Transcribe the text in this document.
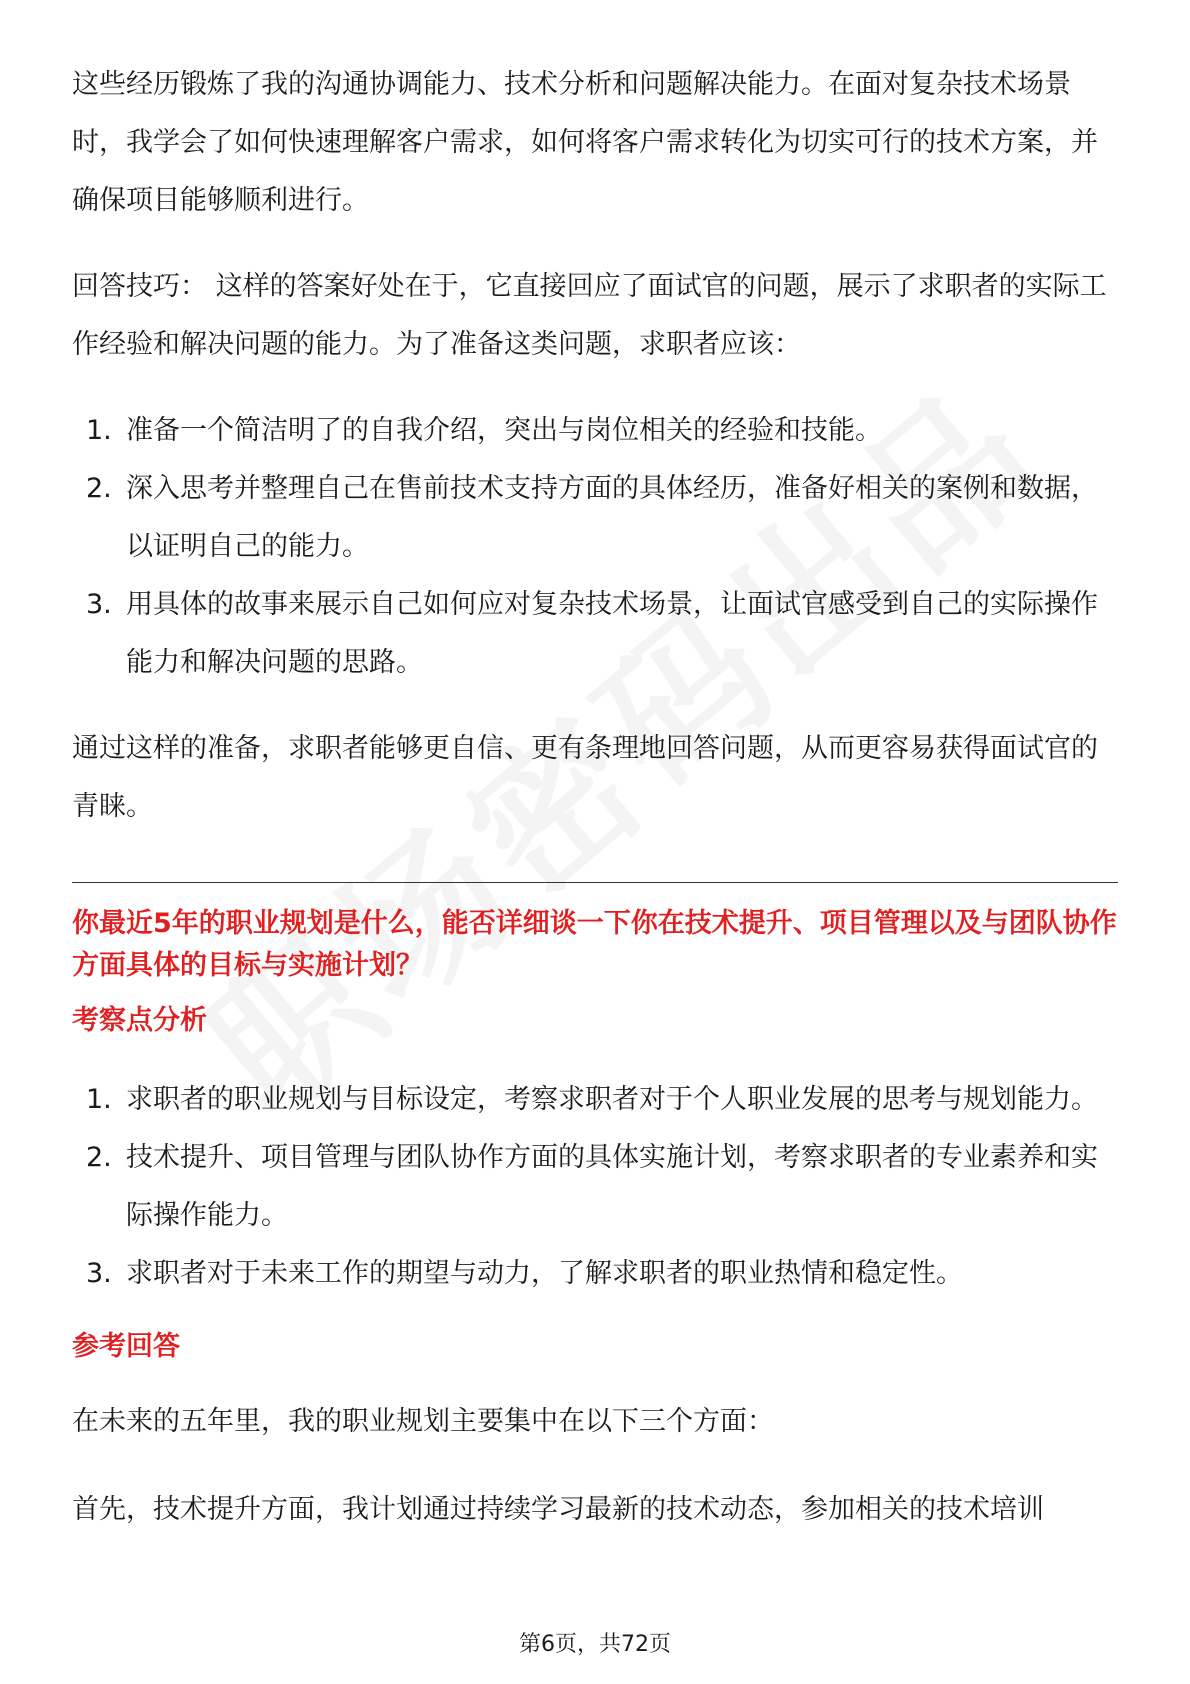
这些经历锻炼了我的沟通协调能力、技术分析和问题解决能力。在面对复杂技术场景时，我学会了如何快速理解客户需求，如何将客户需求转化为切实可行的技术方案，并确保项目能够顺利进行。

回答技巧： 这样的答案好处在于，它直接回应了面试官的问题，展示了求职者的实际工作经验和解决问题的能力。为了准备这类问题，求职者应该：

1. 准备一个简洁明了的自我介绍，突出与岗位相关的经验和技能。
2. 深入思考并整理自己在售前技术支持方面的具体经历，准备好相关的案例和数据，以证明自己的能力。
3. 用具体的故事来展示自己如何应对复杂技术场景，让面试官感受到自己的实际操作能力和解决问题的思路。

通过这样的准备，求职者能够更自信、更有条理地回答问题，从而更容易获得面试官的青睐。

你最近5年的职业规划是什么，能否详细谈一下你在技术提升、项目管理以及与团队协作方面具体的目标与实施计划？

考察点分析

1. 求职者的职业规划与目标设定，考察求职者对于个人职业发展的思考与规划能力。
2. 技术提升、项目管理与团队协作方面的具体实施计划，考察求职者的专业素养和实际操作能力。
3. 求职者对于未来工作的期望与动力，了解求职者的职业热情和稳定性。

参考回答

在未来的五年里，我的职业规划主要集中在以下三个方面：

首先，技术提升方面，我计划通过持续学习最新的技术动态，参加相关的技术培训

第6页，共72页
